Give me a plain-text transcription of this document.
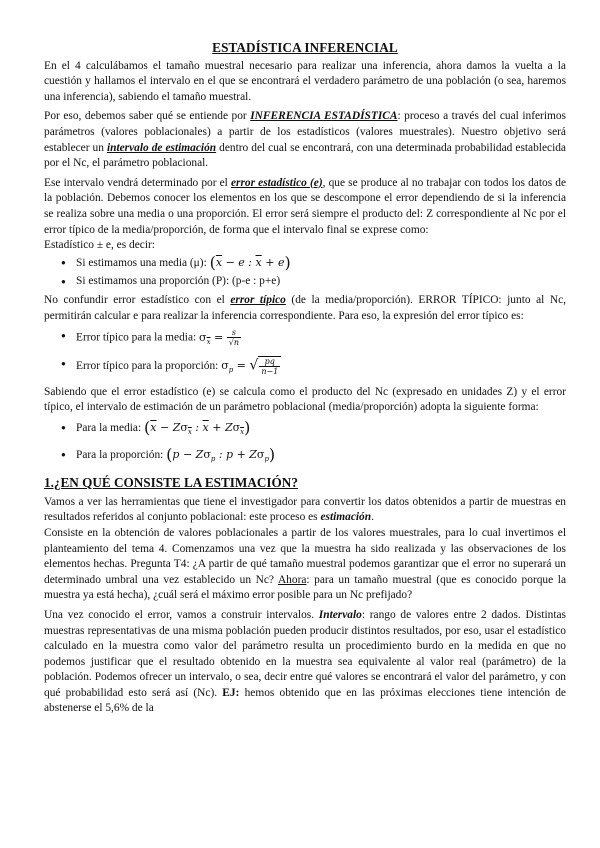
ESTADÍSTICA INFERENCIAL

En el 4 calculábamos el tamaño muestral necesario para realizar una inferencia, ahora damos la vuelta a la cuestión y hallamos el intervalo en el que se encontrará el verdadero parámetro de una población (o sea, haremos una inferencia), sabiendo el tamaño muestral.

Por eso, debemos saber qué se entiende por INFERENCIA ESTADÍSTICA: proceso a través del cual inferimos parámetros (valores poblacionales) a partir de los estadísticos (valores muestrales). Nuestro objetivo será establecer un intervalo de estimación dentro del cual se encontrará, con una determinada probabilidad establecida por el Nc, el parámetro poblacional.

Ese intervalo vendrá determinado por el error estadístico (e), que se produce al no trabajar con todos los datos de la población. Debemos conocer los elementos en los que se descompone el error dependiendo de si la inferencia se realiza sobre una media o una proporción. El error será siempre el producto del: Z correspondiente al Nc por el error típico de la media/proporción, de forma que el intervalo final se exprese como:

Estadístico ± e, es decir:

● Si estimamos una media (μ): ($\overline{x} - e$ : $\overline{x} + e$)
● Si estimamos una proporción (P): (p-e : p+e)

No confundir error estadístico con el error típico (de la media/proporción). ERROR TÍPICO: junto al Nc, permitirán calcular e para realizar la inferencia correspondiente. Para eso, la expresión del error típico es:

● Error típico para la media: $\sigma_{\overline{x}} = \frac{s}{√n}$
● Error típico para la proporción: $\sigma_p$ = √ $\frac{pq}{n-1}$

Sabiendo que el error estadístico (e) se calcula como el producto del Nc (expresado en unidades Z) y el error típico, el intervalo de estimación de un parámetro poblacional (media/proporción) adopta la siguiente forma:

● Para la media: ($\overline{x} - Z\sigma_{\overline{x}}$ : $\overline{x} + Z\sigma_{\overline{x}}$)
● Para la proporción: ($p - Z\sigma_p$ : $p + Z\sigma_p$)
1.¿EN QUÉ CONSISTE LA ESTIMACIÓN?

Vamos a ver las herramientas que tiene el investigador para convertir los datos obtenidos a partir de muestras en resultados referidos al conjunto poblacional: este proceso es estimación.

Consiste en la obtención de valores poblacionales a partir de los valores muestrales, para lo cual invertimos el planteamiento del tema 4. Comenzamos una vez que la muestra ha sido realizada y las observaciones de los elementos hechas. Pregunta T4: ¿A partir de qué tamaño muestral podemos garantizar que el error no superará un determinado umbral una vez establecido un Nc? Ahora: para un tamaño muestral (que es conocido porque la muestra ya está hecha), ¿cuál será el máximo error posible para un Nc prefijado?

Una vez conocido el error, vamos a construir intervalos. Intervalo: rango de valores entre 2 dados. Distintas muestras representativas de una misma población pueden producir distintos resultados, por eso, usar el estadístico calculado en la muestra como valor del parámetro resulta un procedimiento burdo en la medida en que no podemos justificar que el resultado obtenido en la muestra sea equivalente al valor real (parámetro) de la población. Podemos ofrecer un intervalo, o sea, decir entre qué valores se encontrará el valor del parámetro, y con qué probabilidad esto será así (Nc). EJ: hemos obtenido que en las próximas elecciones tiene intención de abstenerse el 5,6% de la
